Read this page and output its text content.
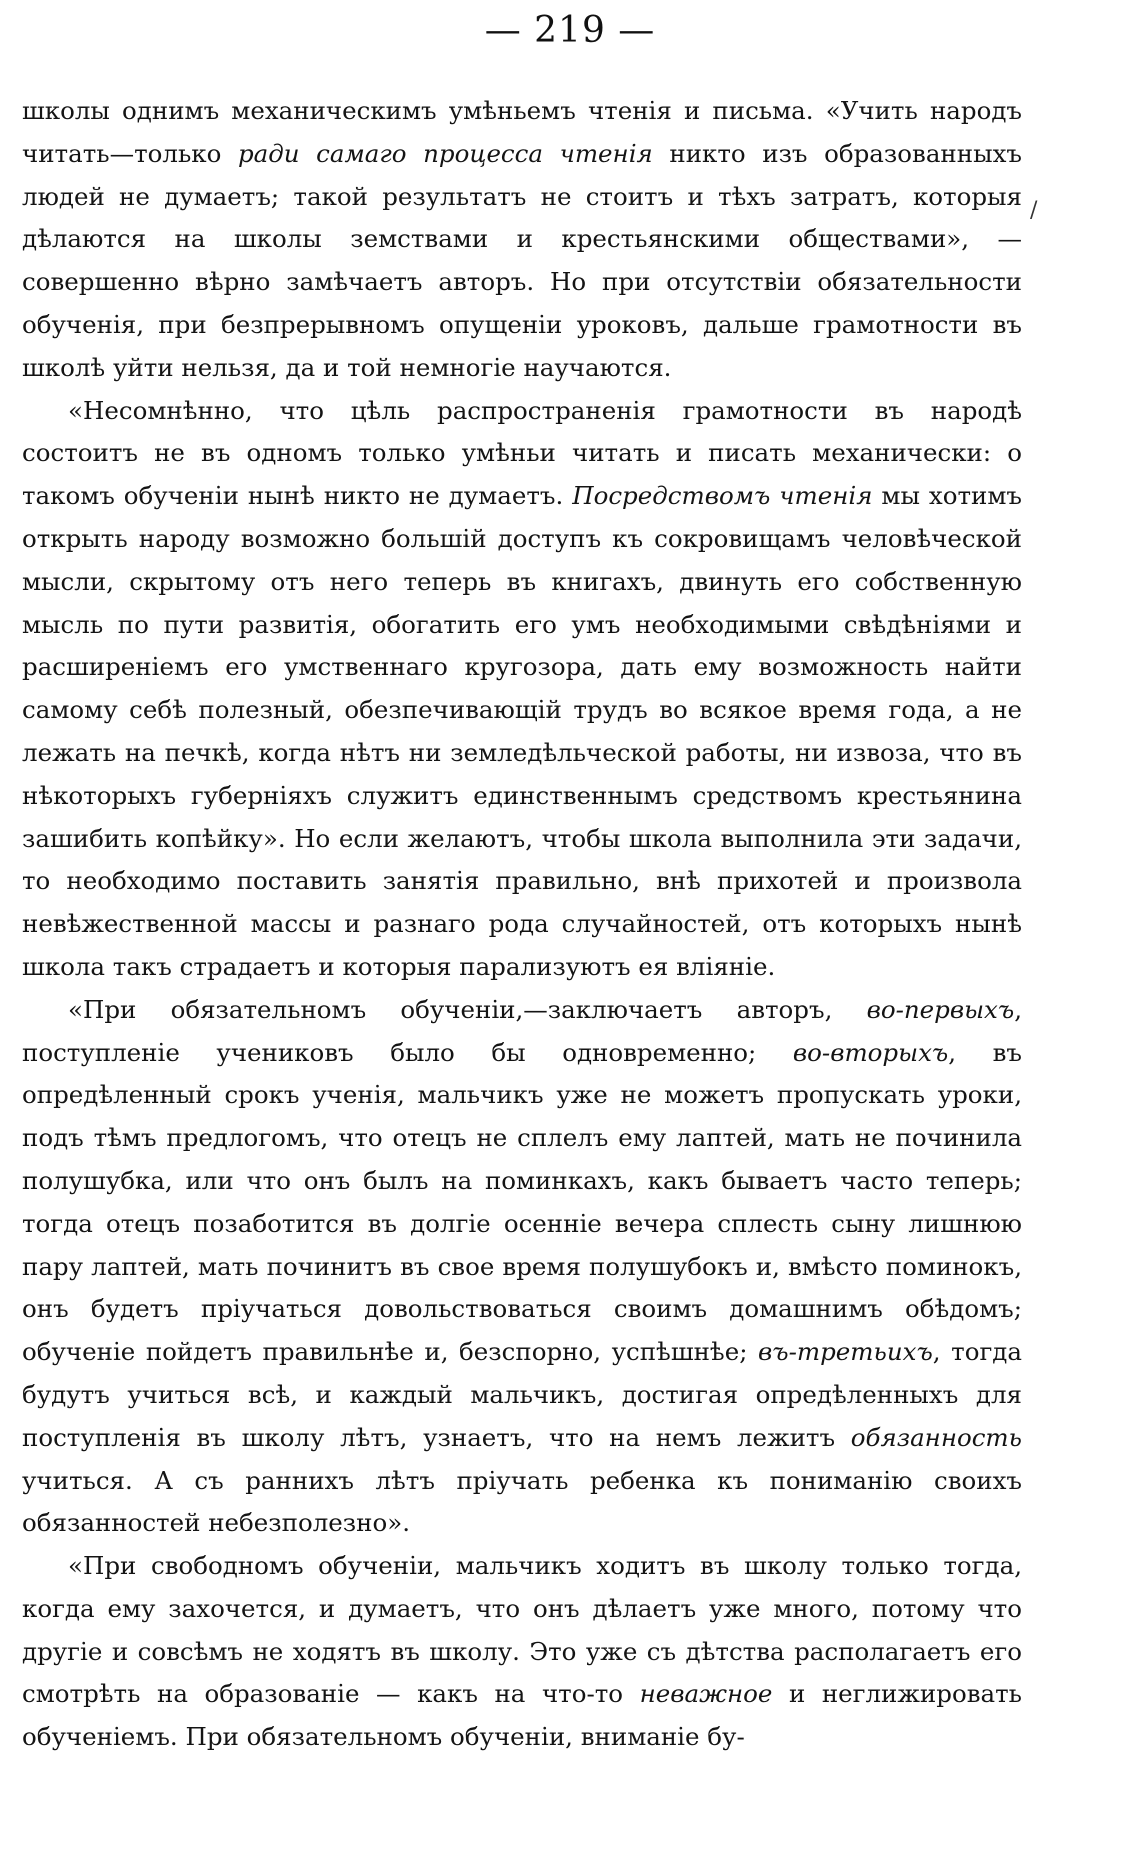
— 219 —
/

школы однимъ механическимъ умѣньемъ чтенія и письма. «Учить народъ читать—только ради самаго процесса чтенія никто изъ образованныхъ людей не думаетъ; такой результатъ не стоитъ и тѣхъ затратъ, которыя дѣлаются на школы земствами и крестьянскими обществами», — совершенно вѣрно замѣчаетъ авторъ. Но при отсутствіи обязательности обученія, при безпрерывномъ опущеніи уроковъ, дальше грамотности въ школѣ уйти нельзя, да и той немногіе научаются.

«Несомнѣнно, что цѣль распространенія грамотности въ народѣ состоитъ не въ одномъ только умѣньи читать и писать механически: о такомъ обученіи нынѣ никто не думаетъ. Посредствомъ чтенія мы хотимъ открыть народу возможно большій доступъ къ сокровищамъ человѣческой мысли, скрытому отъ него теперь въ книгахъ, двинуть его собственную мысль по пути развитія, обогатить его умъ необходимыми свѣдѣніями и расширеніемъ его умственнаго кругозора, дать ему возможность найти самому себѣ полезный, обезпечивающій трудъ во всякое время года, а не лежать на печкѣ, когда нѣтъ ни земледѣльческой работы, ни извоза, что въ нѣкоторыхъ губерніяхъ служитъ единственнымъ средствомъ крестьянина зашибить копѣйку». Но если желаютъ, чтобы школа выполнила эти задачи, то необходимо поставить занятія правильно, внѣ прихотей и произвола невѣжественной массы и разнаго рода случайностей, отъ которыхъ нынѣ школа такъ страдаетъ и которыя парализуютъ ея вліяніе.

«При обязательномъ обученіи,—заключаетъ авторъ, во-первыхъ, поступленіе учениковъ было бы одновременно; во-вторыхъ, въ опредѣленный срокъ ученія, мальчикъ уже не можетъ пропускать уроки, подъ тѣмъ предлогомъ, что отецъ не сплелъ ему лаптей, мать не починила полушубка, или что онъ былъ на поминкахъ, какъ бываетъ часто теперь; тогда отецъ позаботится въ долгіе осенніе вечера сплесть сыну лишнюю пару лаптей, мать починитъ въ свое время полушубокъ и, вмѣсто поминокъ, онъ будетъ пріучаться довольствоваться своимъ домашнимъ обѣдомъ; обученіе пойдетъ правильнѣе и, безспорно, успѣшнѣе; въ-третьихъ, тогда будутъ учиться всѣ, и каждый мальчикъ, достигая опредѣленныхъ для поступленія въ школу лѣтъ, узнаетъ, что на немъ лежитъ обязанность учиться. А съ раннихъ лѣтъ пріучать ребенка къ пониманію своихъ обязанностей небезполезно».

«При свободномъ обученіи, мальчикъ ходитъ въ школу только тогда, когда ему захочется, и думаетъ, что онъ дѣлаетъ уже много, потому что другіе и совсѣмъ не ходятъ въ школу. Это уже съ дѣтства располагаетъ его смотрѣть на образованіе — какъ на что-то неважное и неглижировать обученіемъ. При обязательномъ обученіи, вниманіе бу-
